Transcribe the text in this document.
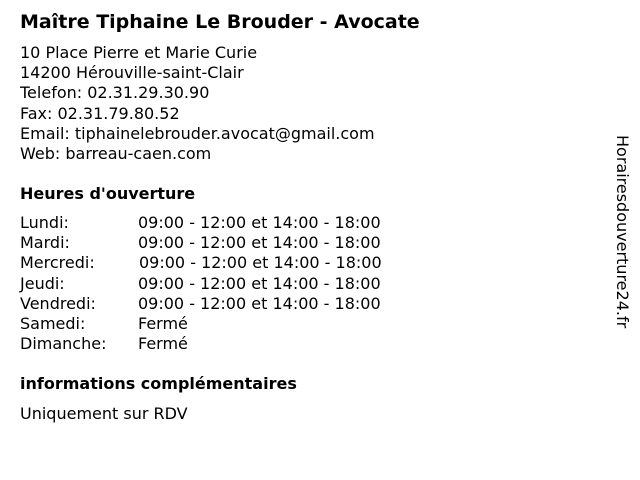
Maître Tiphaine Le Brouder - Avocate
10 Place Pierre et Marie Curie
14200 Hérouville-saint-Clair
Telefon: 02.31.29.30.90
Fax: 02.31.79.80.52
Email: tiphainelebrouder.avocat@gmail.com
Web: barreau-caen.com
Heures d'ouverture
Lundi:	09:00 - 12:00 et 14:00 - 18:00
Mardi:	09:00 - 12:00 et 14:00 - 18:00
Mercredi:	09:00 - 12:00 et 14:00 - 18:00
Jeudi:	09:00 - 12:00 et 14:00 - 18:00
Vendredi:	09:00 - 12:00 et 14:00 - 18:00
Samedi:	Fermé
Dimanche: Fermé
informations complémentaires
Uniquement sur RDV
Horairesdouverture24.fr
